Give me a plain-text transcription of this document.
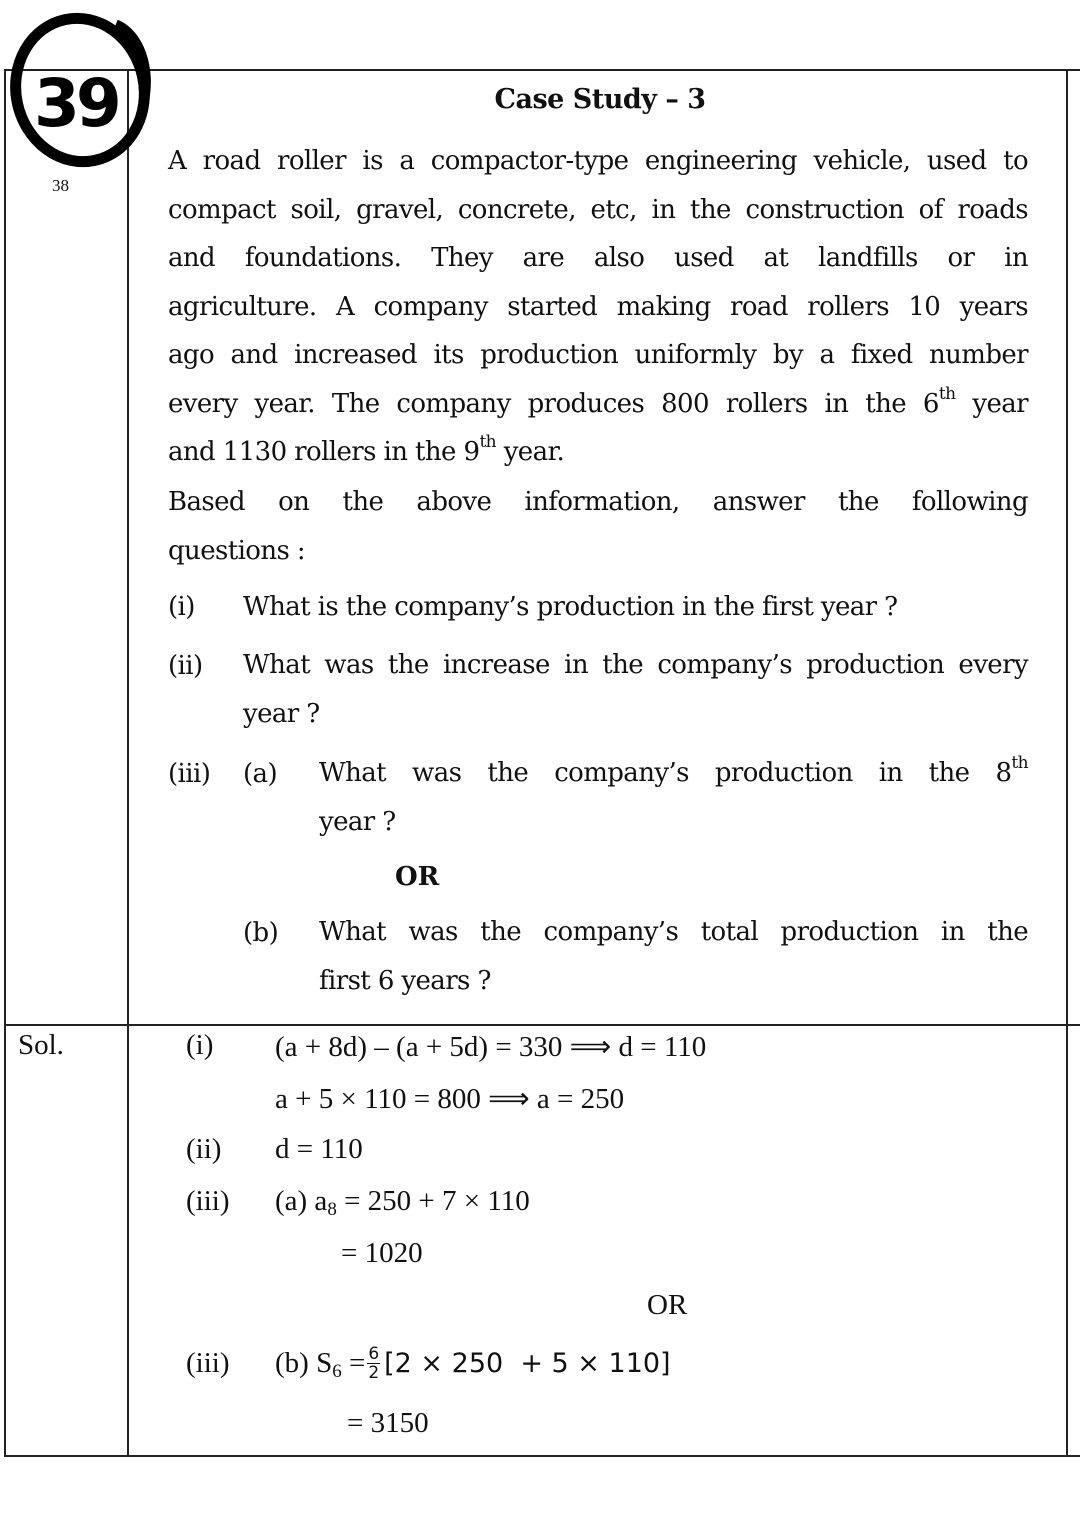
39
38
Case Study – 3
A road roller is a compactor-type engineering vehicle, used to
compact soil, gravel, concrete, etc, in the construction of roads
and foundations. They are also used at landfills or in
agriculture. A company started making road rollers 10 years
ago and increased its production uniformly by a fixed number
every year. The company produces 800 rollers in the 6th year
and 1130 rollers in the 9th year.
Based on the above information, answer the following
questions :
(i) What is the company’s production in the first year ?
(ii) What was the increase in the company’s production every
year ?
(iii) (a) What was the company’s production in the 8th
year ?
OR
(b) What was the company’s total production in the
first 6 years ?
Sol.	(i) (a + 8d) – (a + 5d) = 330 ⟹ d = 110
a + 5 × 110 = 800 ⟹ a = 250
(ii) d = 110
(iii) (a) $a_8 = 250 + 7 \times 110$
= 1020
OR
(iii) (b) $S_6 = \frac{6}{2} [2 \times 250 + 5 \times 110]$
= 3150
